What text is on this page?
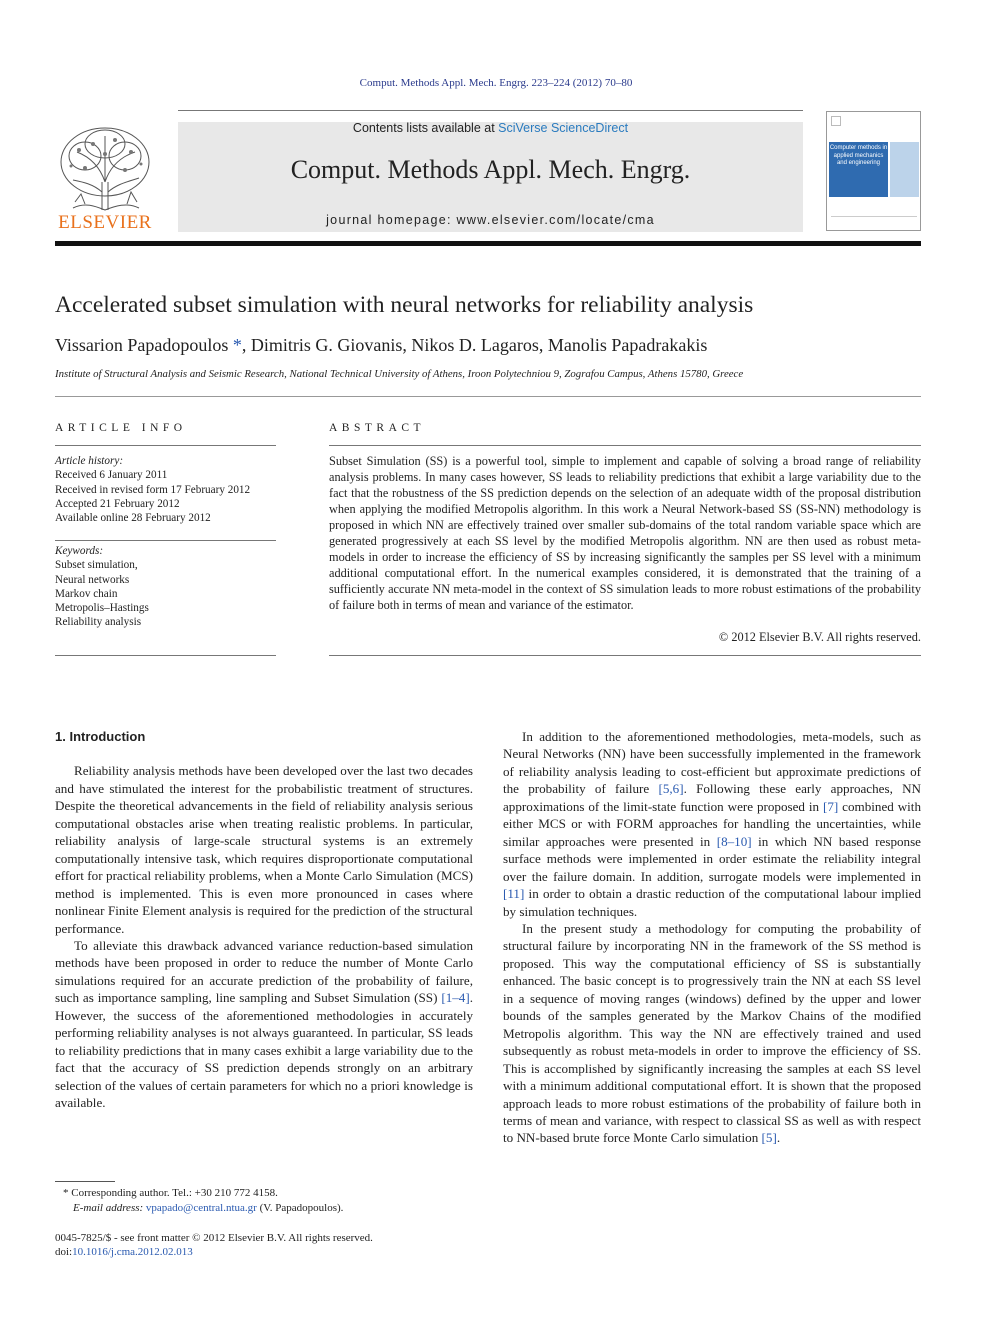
Comput. Methods Appl. Mech. Engrg. 223–224 (2012) 70–80
ELSEVIER
Contents lists available at SciVerse ScienceDirect
Comput. Methods Appl. Mech. Engrg.
journal homepage: www.elsevier.com/locate/cma
Computer methods in applied mechanics and engineering
Accelerated subset simulation with neural networks for reliability analysis
Vissarion Papadopoulos *, Dimitris G. Giovanis, Nikos D. Lagaros, Manolis Papadrakakis
Institute of Structural Analysis and Seismic Research, National Technical University of Athens, Iroon Polytechniou 9, Zografou Campus, Athens 15780, Greece
ARTICLE INFO
Article history:
Received 6 January 2011
Received in revised form 17 February 2012
Accepted 21 February 2012
Available online 28 February 2012
Keywords:
Subset simulation,
Neural networks
Markov chain
Metropolis–Hastings
Reliability analysis
ABSTRACT
Subset Simulation (SS) is a powerful tool, simple to implement and capable of solving a broad range of reliability analysis problems. In many cases however, SS leads to reliability predictions that exhibit a large variability due to the fact that the robustness of the SS prediction depends on the selection of an adequate width of the proposal distribution when applying the modified Metropolis algorithm. In this work a Neural Network-based SS (SS-NN) methodology is proposed in which NN are effectively trained over smaller sub-domains of the total random variable space which are generated progressively at each SS level by the modified Metropolis algorithm. NN are then used as robust meta-models in order to increase the efficiency of SS by increasing significantly the samples per SS level with a minimum additional computational effort. In the numerical examples considered, it is demonstrated that the training of a sufficiently accurate NN meta-model in the context of SS simulation leads to more robust estimations of the probability of failure both in terms of mean and variance of the estimator.
© 2012 Elsevier B.V. All rights reserved.
1. Introduction

Reliability analysis methods have been developed over the last two decades and have stimulated the interest for the probabilistic treatment of structures. Despite the theoretical advancements in the field of reliability analysis serious computational obstacles arise when treating realistic problems. In particular, reliability analysis of large-scale structural systems is an extremely computationally intensive task, which requires disproportionate computational effort for practical reliability problems, when a Monte Carlo Simulation (MCS) method is implemented. This is even more pronounced in cases where nonlinear Finite Element analysis is required for the prediction of the structural performance.

To alleviate this drawback advanced variance reduction-based simulation methods have been proposed in order to reduce the number of Monte Carlo simulations required for an accurate prediction of the probability of failure, such as importance sampling, line sampling and Subset Simulation (SS) [1–4]. However, the success of the aforementioned methodologies in accurately performing reliability analyses is not always guaranteed. In particular, SS leads to reliability predictions that in many cases exhibit a large variability due to the fact that the accuracy of SS prediction depends strongly on an arbitrary selection of the values of certain parameters for which no a priori knowledge is available.

In addition to the aforementioned methodologies, meta-models, such as Neural Networks (NN) have been successfully implemented in the framework of reliability analysis leading to cost-efficient but approximate predictions of the probability of failure [5,6]. Following these early approaches, NN approximations of the limit-state function were proposed in [7] combined with either MCS or with FORM approaches for handling the uncertainties, while similar approaches were presented in [8–10] in which NN based response surface methods were implemented in order estimate the reliability integral over the failure domain. In addition, surrogate models were implemented in [11] in order to obtain a drastic reduction of the computational labour implied by simulation techniques.

In the present study a methodology for computing the probability of structural failure by incorporating NN in the framework of the SS method is proposed. This way the computational efficiency of SS is substantially enhanced. The basic concept is to progressively train the NN at each SS level in a sequence of moving ranges (windows) defined by the upper and lower bounds of the samples generated by the Markov Chains of the modified Metropolis algorithm. This way the NN are effectively trained and used subsequently as robust meta-models in order to improve the efficiency of SS. This is accomplished by significantly increasing the samples at each SS level with a minimum additional computational effort. It is shown that the proposed approach leads to more robust estimations of the probability of failure both in terms of mean and variance, with respect to classical SS as well as with respect to NN-based brute force Monte Carlo simulation [5].

* Corresponding author. Tel.: +30 210 772 4158.
E-mail address: vpapado@central.ntua.gr (V. Papadopoulos).
0045-7825/$ - see front matter © 2012 Elsevier B.V. All rights reserved.
doi:10.1016/j.cma.2012.02.013
